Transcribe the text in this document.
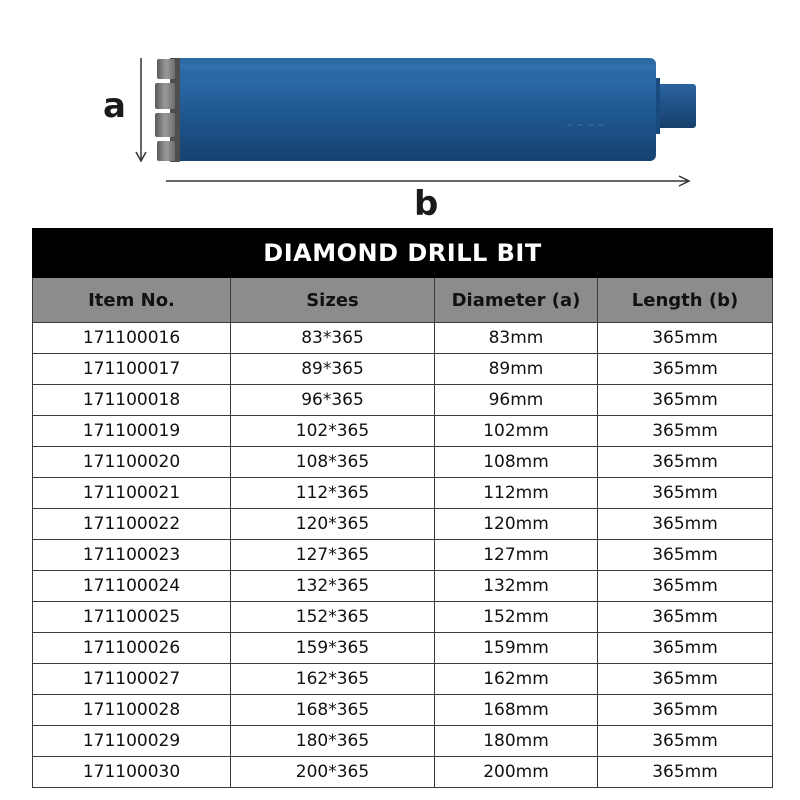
~ ~ ~ ~
a
b
DIAMOND DRILL BIT			
Item No.	Sizes	Diameter (a)	Length (b)
171100016	83*365	83mm	365mm
171100017	89*365	89mm	365mm
171100018	96*365	96mm	365mm
171100019	102*365	102mm	365mm
171100020	108*365	108mm	365mm
171100021	112*365	112mm	365mm
171100022	120*365	120mm	365mm
171100023	127*365	127mm	365mm
171100024	132*365	132mm	365mm
171100025	152*365	152mm	365mm
171100026	159*365	159mm	365mm
171100027	162*365	162mm	365mm
171100028	168*365	168mm	365mm
171100029	180*365	180mm	365mm
171100030	200*365	200mm	365mm
